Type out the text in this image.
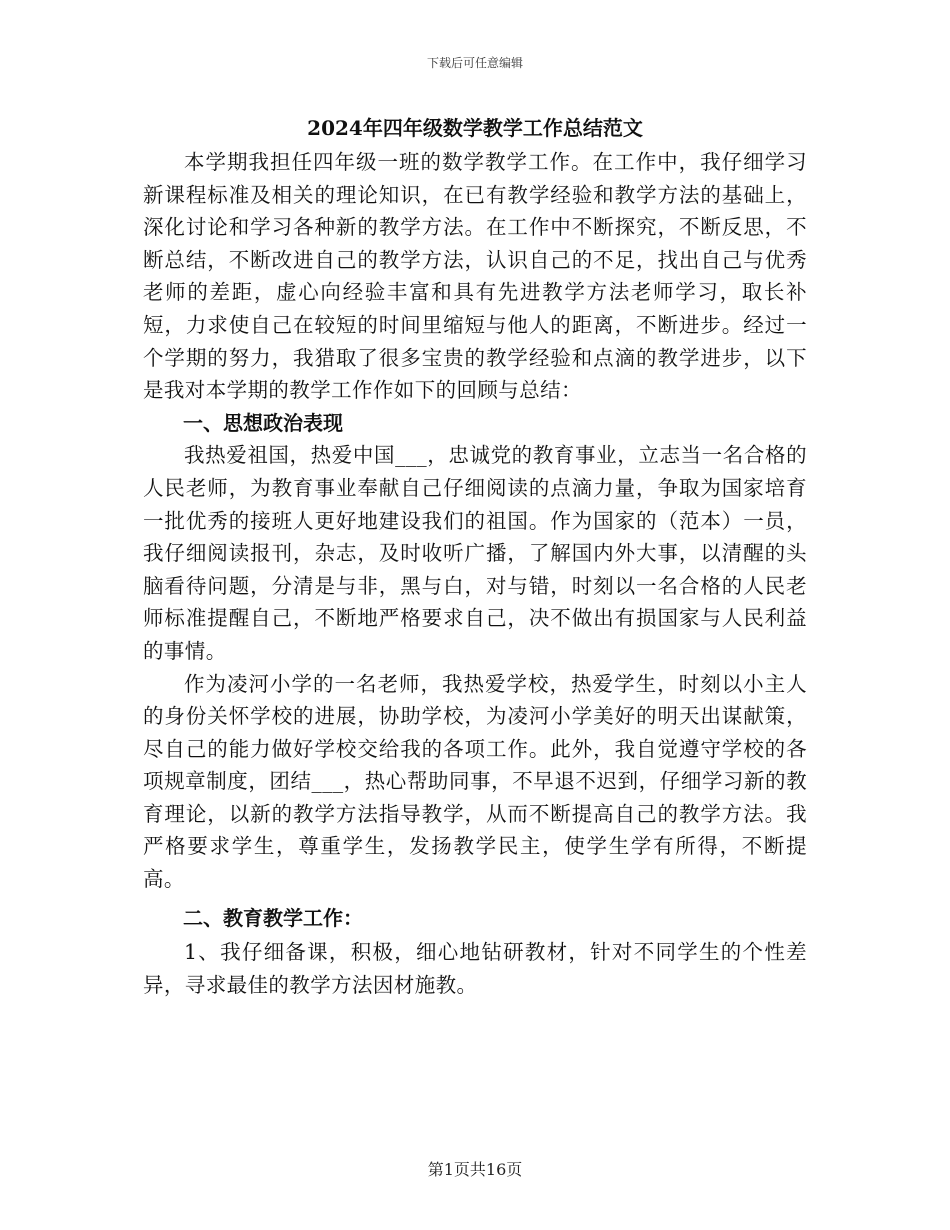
下载后可任意编辑
2024年四年级数学教学工作总结范文

本学期我担任四年级一班的数学教学工作。在工作中，我仔细学习新课程标准及相关的理论知识，在已有教学经验和教学方法的基础上，深化讨论和学习各种新的教学方法。在工作中不断探究，不断反思，不断总结，不断改进自己的教学方法，认识自己的不足，找出自己与优秀老师的差距，虚心向经验丰富和具有先进教学方法老师学习，取长补短，力求使自己在较短的时间里缩短与他人的距离，不断进步。经过一个学期的努力，我猎取了很多宝贵的教学经验和点滴的教学进步，以下是我对本学期的教学工作作如下的回顾与总结：

一、思想政治表现

我热爱祖国，热爱中国___，忠诚党的教育事业，立志当一名合格的人民老师，为教育事业奉献自己仔细阅读的点滴力量，争取为国家培育一批优秀的接班人更好地建设我们的祖国。作为国家的（范本）一员，我仔细阅读报刊，杂志，及时收听广播，了解国内外大事，以清醒的头脑看待问题，分清是与非，黑与白，对与错，时刻以一名合格的人民老师标准提醒自己，不断地严格要求自己，决不做出有损国家与人民利益的事情。

作为凌河小学的一名老师，我热爱学校，热爱学生，时刻以小主人的身份关怀学校的进展，协助学校，为凌河小学美好的明天出谋献策，尽自己的能力做好学校交给我的各项工作。此外，我自觉遵守学校的各项规章制度，团结___，热心帮助同事，不早退不迟到，仔细学习新的教育理论，以新的教学方法指导教学，从而不断提高自己的教学方法。我严格要求学生，尊重学生，发扬教学民主，使学生学有所得，不断提高。

二、教育教学工作：

1、我仔细备课，积极，细心地钻研教材，针对不同学生的个性差异，寻求最佳的教学方法因材施教。

第1页共16页
